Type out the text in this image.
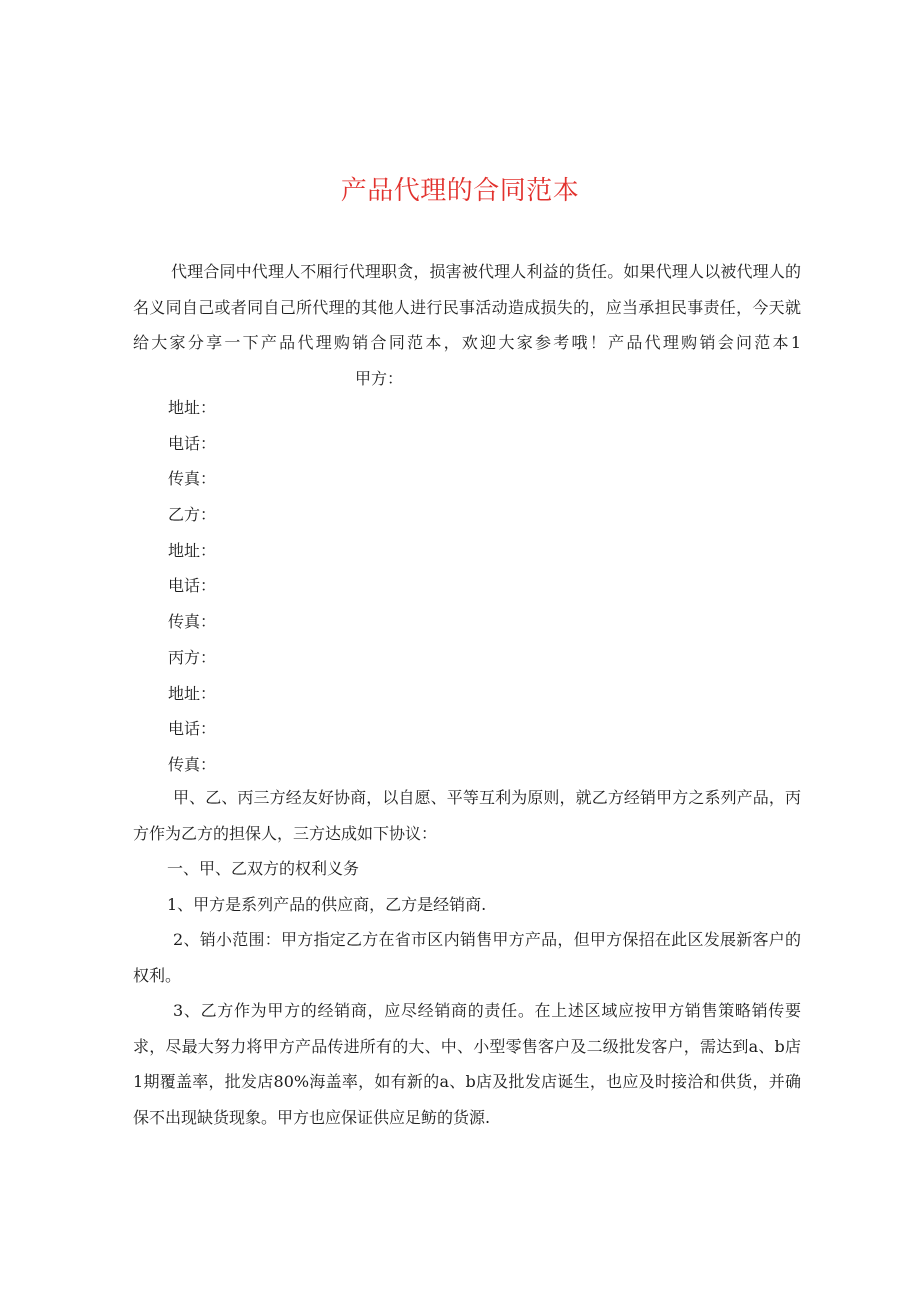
产品代理的合同范本
代理合同中代理人不厢行代理职贪，损害被代理人利益的货任。如果代理人以被代理人的名义同自己或者同自己所代理的其他人进行民事活动造成损失的，应当承担民事责任，今天就给大家分享一下产品代理购销合同范本，欢迎大家参考哦！产品代理购销会问范本1甲方：
地址：
电话：
传真：
乙方：
地址：
电话：
传真：
丙方：
地址：
电话：
传真：

甲、乙、丙三方经友好协商，以自愿、平等互利为原则，就乙方经销甲方之系列产品，丙方作为乙方的担保人，三方达成如下协议：

一、甲、乙双方的权利义务

1、甲方是系列产品的供应商，乙方是经销商.

2、销小范围：甲方指定乙方在省市区内销售甲方产品，但甲方保招在此区发展新客户的权利。

3、乙方作为甲方的经销商，应尽经销商的责任。在上述区域应按甲方销售策略销传要求，尽最大努力将甲方产品传进所有的大、中、小型零售客户及二级批发客户，需达到a、b店1期覆盖率，批发店80%海盖率，如有新的a、b店及批发店诞生，也应及时接洽和供货，并确保不出现缺货现象。甲方也应保证供应足鲂的货源.
